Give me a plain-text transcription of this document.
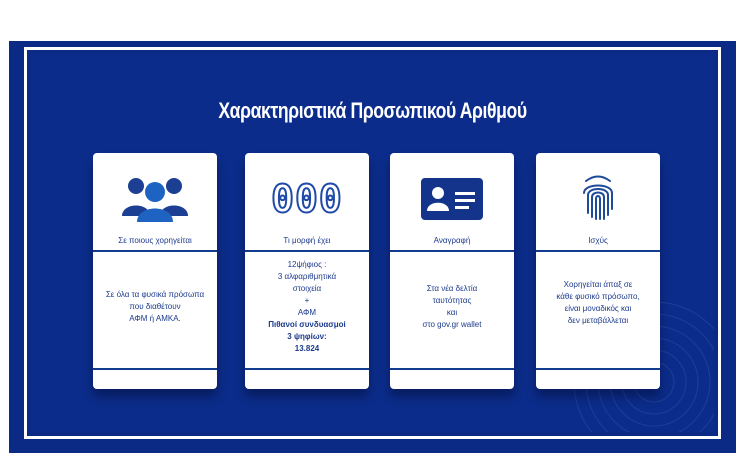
Χαρακτηριστικά Προσωπικού Αριθμού
Σε ποιους χορηγείται
Σε όλα τα φυσικά πρόσωπα
που διαθέτουν
ΑΦΜ ή ΑΜΚΑ.
000
Τι μορφή έχει
12ψήφιος :
3 αλφαριθμητικά
στοιχεία
+
ΑΦΜ
Πιθανοί συνδυασμοί
3 ψηφίων:
13.824
Αναγραφή
Στα νέα δελτία
ταυτότητας
και
στο gov.gr wallet
Ισχύς
Χορηγείται άπαξ σε
κάθε φυσικό πρόσωπο,
είναι μοναδικός και
δεν μεταβάλλεται
